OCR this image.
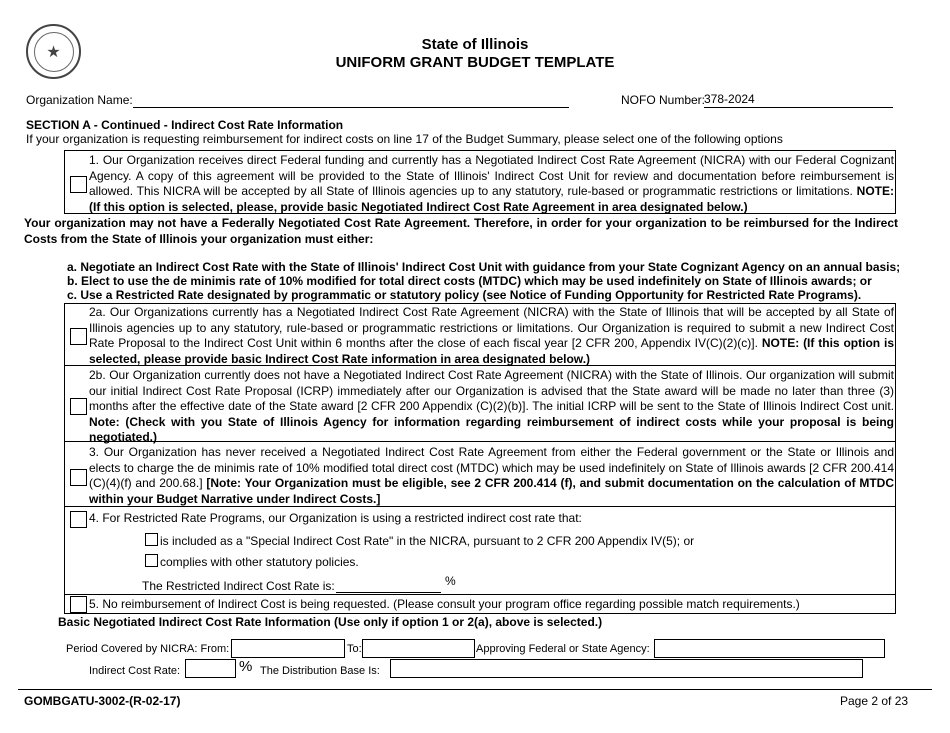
★	State of Illinois
UNIFORM GRANT BUDGET TEMPLATE
Organization Name:	NOFO Number:
378-2024
SECTION A - Continued - Indirect Cost Rate Information
If your organization is requesting reimbursement for indirect costs on line 17 of the Budget Summary, please select one of the following options
1. Our Organization receives direct Federal funding and currently has a Negotiated Indirect Cost Rate Agreement (NICRA) with our Federal Cognizant Agency. A copy of this agreement will be provided to the State of Illinois' Indirect Cost Unit for review and documentation before reimbursement is allowed. This NICRA will be accepted by all State of Illinois agencies up to any statutory, rule-based or programmatic restrictions or limitations. NOTE: (If this option is selected, please, provide basic Negotiated Indirect Cost Rate Agreement in area designated below.)
Your organization may not have a Federally Negotiated Cost Rate Agreement. Therefore, in order for your organization to be reimbursed for the Indirect Costs from the State of Illinois your organization must either:
a. Negotiate an Indirect Cost Rate with the State of Illinois' Indirect Cost Unit with guidance from your State Cognizant Agency on an annual basis;
b. Elect to use the de minimis rate of 10% modified for total direct costs (MTDC) which may be used indefinitely on State of Illinois awards; or
c. Use a Restricted Rate designated by programmatic or statutory policy (see Notice of Funding Opportunity for Restricted Rate Programs).
2a. Our Organizations currently has a Negotiated Indirect Cost Rate Agreement (NICRA) with the State of Illinois that will be accepted by all State of Illinois agencies up to any statutory, rule-based or programmatic restrictions or limitations. Our Organization is required to submit a new Indirect Cost Rate Proposal to the Indirect Cost Unit within 6 months after the close of each fiscal year [2 CFR 200, Appendix IV(C)(2)(c)]. NOTE: (If this option is selected, please provide basic Indirect Cost Rate information in area designated below.)
2b. Our Organization currently does not have a Negotiated Indirect Cost Rate Agreement (NICRA) with the State of Illinois. Our organization will submit our initial Indirect Cost Rate Proposal (ICRP) immediately after our Organization is advised that the State award will be made no later than three (3) months after the effective date of the State award [2 CFR 200 Appendix (C)(2)(b)]. The initial ICRP will be sent to the State of Illinois Indirect Cost unit. Note: (Check with you State of Illinois Agency for information regarding reimbursement of indirect costs while your proposal is being negotiated.)
3. Our Organization has never received a Negotiated Indirect Cost Rate Agreement from either the Federal government or the State or Illinois and elects to charge the de minimis rate of 10% modified total direct cost (MTDC) which may be used indefinitely on State of Illinois awards [2 CFR 200.414 (C)(4)(f) and 200.68.] [Note: Your Organization must be eligible, see 2 CFR 200.414 (f), and submit documentation on the calculation of MTDC within your Budget Narrative under Indirect Costs.]
4. For Restricted Rate Programs, our Organization is using a restricted indirect cost rate that:
is included as a "Special Indirect Cost Rate" in the NICRA, pursuant to 2 CFR 200 Appendix IV(5); or
complies with other statutory policies.
The Restricted Indirect Cost Rate is:	%
5. No reimbursement of Indirect Cost is being requested. (Please consult your program office regarding possible match requirements.)
Basic Negotiated Indirect Cost Rate Information (Use only if option 1 or 2(a), above is selected.)
Period Covered by NICRA: From:	To:	Approving Federal or State Agency:
Indirect Cost Rate:	% The Distribution Base Is:
GOMBGATU-3002-(R-02-17)	Page 2 of 23
